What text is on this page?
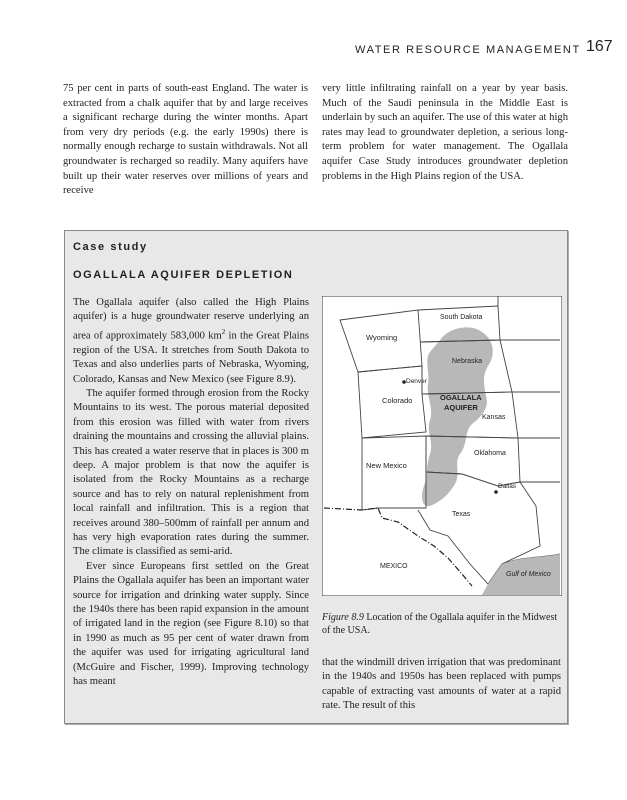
WATER RESOURCE MANAGEMENT 167

75 per cent in parts of south-east England. The water is extracted from a chalk aquifer that by and large receives a significant recharge during the winter months. Apart from very dry periods (e.g. the early 1990s) there is normally enough recharge to sustain withdrawals. Not all groundwater is recharged so readily. Many aquifers have built up their water reserves over millions of years and receive

very little infiltrating rainfall on a year by year basis. Much of the Saudi peninsula in the Middle East is underlain by such an aquifer. The use of this water at high rates may lead to groundwater depletion, a serious long-term problem for water management. The Ogallala aquifer Case Study introduces groundwater depletion problems in the High Plains region of the USA.

Case study
OGALLALA AQUIFER DEPLETION

The Ogallala aquifer (also called the High Plains aquifer) is a huge groundwater reserve underlying an area of approximately 583,000 $km^2$ in the Great Plains region of the USA. It stretches from South Dakota to Texas and also underlies parts of Nebraska, Wyoming, Colorado, Kansas and New Mexico (see Figure 8.9).

The aquifer formed through erosion from the Rocky Mountains to its west. The porous material deposited from this erosion was filled with water from rivers draining the mountains and crossing the alluvial plains. This has created a water reserve that in places is 300 m deep. A major problem is that now the aquifer is isolated from the Rocky Mountains as a recharge source and has to rely on natural replenishment from local rainfall and infiltration. This is a region that receives around 380–500mm of rainfall per annum and has very high evaporation rates during the summer. The climate is classified as semi-arid.

Ever since Europeans first settled on the Great Plains the Ogallala aquifer has been an important water source for irrigation and drinking water supply. Since the 1940s there has been rapid expansion in the amount of irrigated land in the region (see Figure 8.10) so that in 1990 as much as 95 per cent of water drawn from the aquifer was used for irrigating agricultural land (McGuire and Fischer, 1999). Improving technology has meant

South Dakota
Wyoming
Nebraska
Denver
Colorado	OGALLALA
AQUIFER
Kansas
Oklahoma
New Mexico
Dallas
Texas
MEXICO
Gulf of Mexico
Figure 8.9 Location of the Ogallala aquifer in the Midwest of the USA.

that the windmill driven irrigation that was predominant in the 1940s and 1950s has been replaced with pumps capable of extracting vast amounts of water at a rapid rate. The result of this
